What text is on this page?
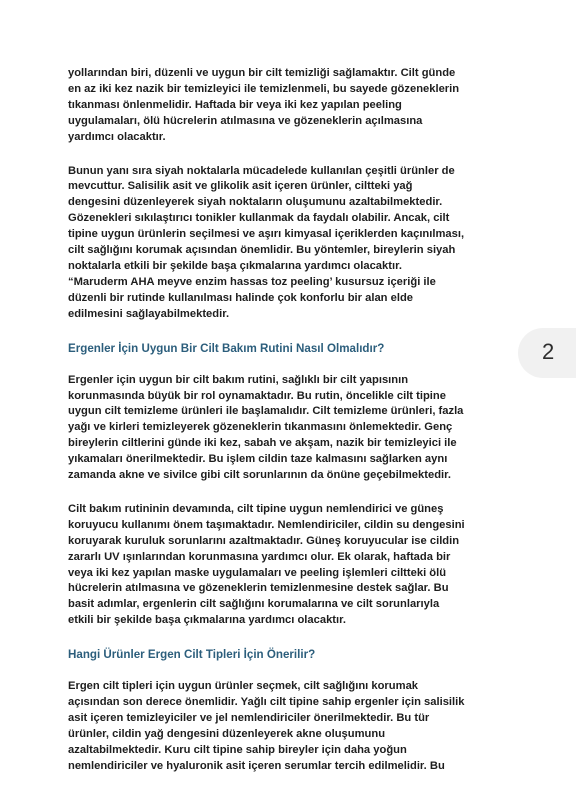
yollarından biri, düzenli ve uygun bir cilt temizliği sağlamaktır. Cilt günde
en az iki kez nazik bir temizleyici ile temizlenmeli, bu sayede gözeneklerin
tıkanması önlenmelidir. Haftada bir veya iki kez yapılan peeling
uygulamaları, ölü hücrelerin atılmasına ve gözeneklerin açılmasına
yardımcı olacaktır.
Bunun yanı sıra siyah noktalarla mücadelede kullanılan çeşitli ürünler de
mevcuttur. Salisilik asit ve glikolik asit içeren ürünler, ciltteki yağ
dengesini düzenleyerek siyah noktaların oluşumunu azaltabilmektedir.
Gözenekleri sıkılaştırıcı tonikler kullanmak da faydalı olabilir. Ancak, cilt
tipine uygun ürünlerin seçilmesi ve aşırı kimyasal içeriklerden kaçınılması,
cilt sağlığını korumak açısından önemlidir. Bu yöntemler, bireylerin siyah
noktalarla etkili bir şekilde başa çıkmalarına yardımcı olacaktır.
“Maruderm AHA meyve enzim hassas toz peeling’ kusursuz içeriği ile
düzenli bir rutinde kullanılması halinde çok konforlu bir alan elde
edilmesini sağlayabilmektedir.
Ergenler İçin Uygun Bir Cilt Bakım Rutini Nasıl Olmalıdır?
Ergenler için uygun bir cilt bakım rutini, sağlıklı bir cilt yapısının
korunmasında büyük bir rol oynamaktadır. Bu rutin, öncelikle cilt tipine
uygun cilt temizleme ürünleri ile başlamalıdır. Cilt temizleme ürünleri, fazla
yağı ve kirleri temizleyerek gözeneklerin tıkanmasını önlemektedir. Genç
bireylerin ciltlerini günde iki kez, sabah ve akşam, nazik bir temizleyici ile
yıkamaları önerilmektedir. Bu işlem cildin taze kalmasını sağlarken aynı
zamanda akne ve sivilce gibi cilt sorunlarının da önüne geçebilmektedir.
Cilt bakım rutininin devamında, cilt tipine uygun nemlendirici ve güneş
koruyucu kullanımı önem taşımaktadır. Nemlendiriciler, cildin su dengesini
koruyarak kuruluk sorunlarını azaltmaktadır. Güneş koruyucular ise cildin
zararlı UV ışınlarından korunmasına yardımcı olur. Ek olarak, haftada bir
veya iki kez yapılan maske uygulamaları ve peeling işlemleri ciltteki ölü
hücrelerin atılmasına ve gözeneklerin temizlenmesine destek sağlar. Bu
basit adımlar, ergenlerin cilt sağlığını korumalarına ve cilt sorunlarıyla
etkili bir şekilde başa çıkmalarına yardımcı olacaktır.
Hangi Ürünler Ergen Cilt Tipleri İçin Önerilir?
Ergen cilt tipleri için uygun ürünler seçmek, cilt sağlığını korumak
açısından son derece önemlidir. Yağlı cilt tipine sahip ergenler için salisilik
asit içeren temizleyiciler ve jel nemlendiriciler önerilmektedir. Bu tür
ürünler, cildin yağ dengesini düzenleyerek akne oluşumunu
azaltabilmektedir. Kuru cilt tipine sahip bireyler için daha yoğun
nemlendiriciler ve hyaluronik asit içeren serumlar tercih edilmelidir. Bu
2
